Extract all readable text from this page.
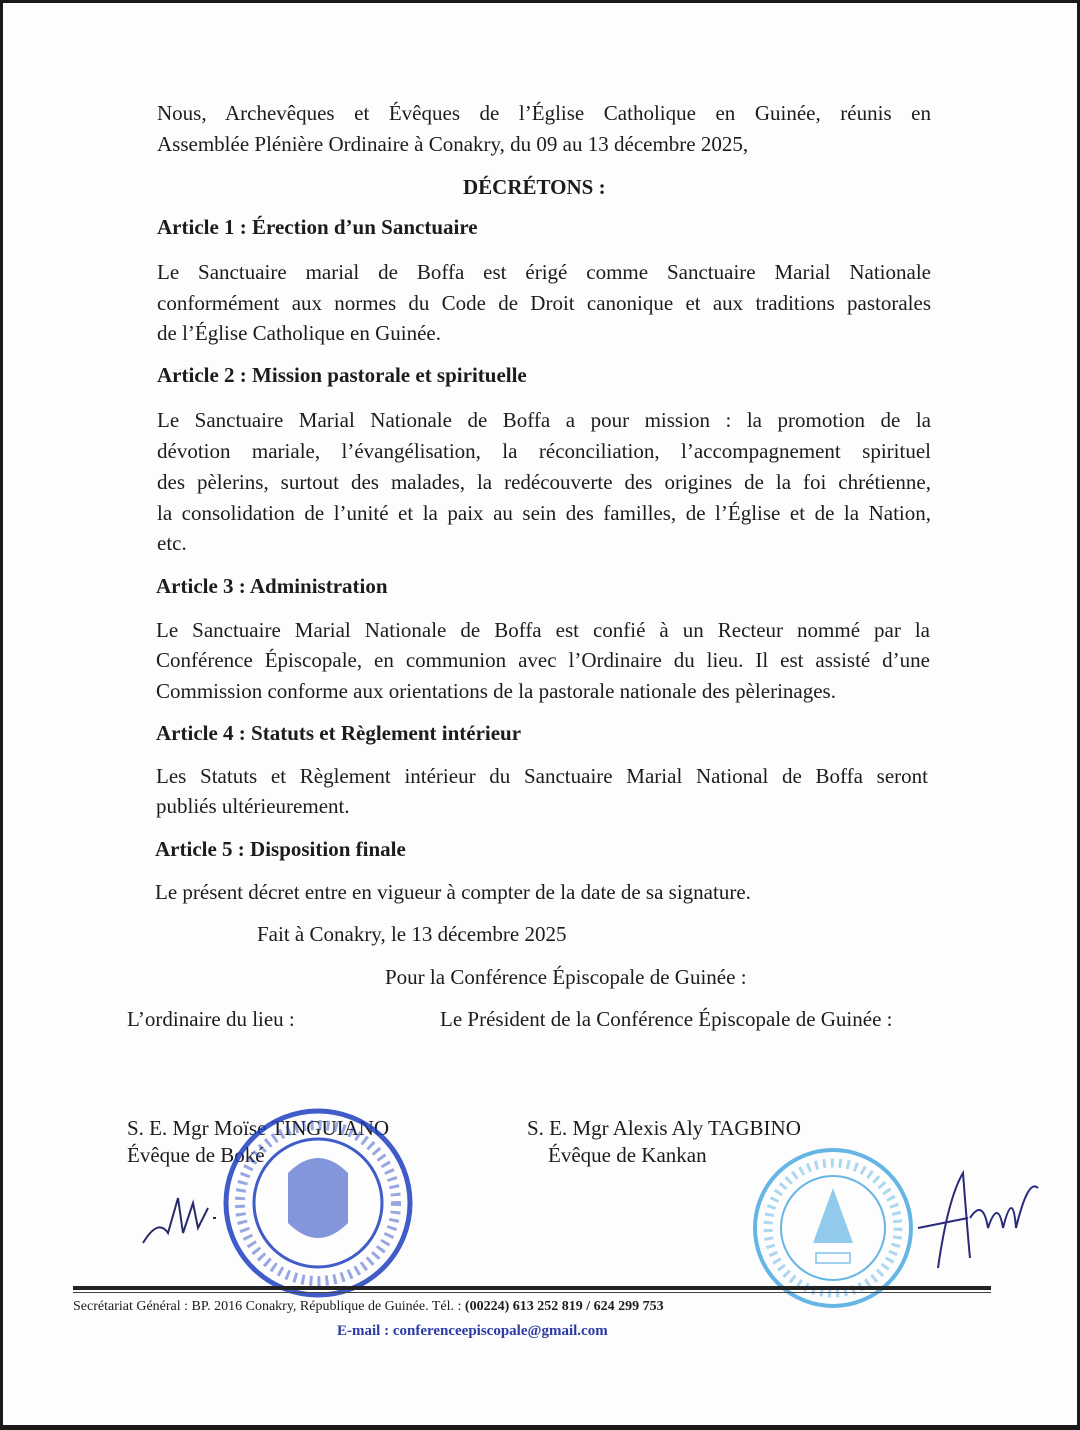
Nous, Archevêques et Évêques de l’Église Catholique en Guinée, réunis en
Assemblée Plénière Ordinaire à Conakry, du 09 au 13 décembre 2025,
DÉCRÉTONS :
Article 1 : Érection d’un Sanctuaire
Le Sanctuaire marial de Boffa est érigé comme Sanctuaire Marial Nationale
conformément aux normes du Code de Droit canonique et aux traditions pastorales
de l’Église Catholique en Guinée.
Article 2 : Mission pastorale et spirituelle
Le Sanctuaire Marial Nationale de Boffa a pour mission : la promotion de la
dévotion mariale, l’évangélisation, la réconciliation, l’accompagnement spirituel
des pèlerins, surtout des malades, la redécouverte des origines de la foi chrétienne,
la consolidation de l’unité et la paix au sein des familles, de l’Église et de la Nation,
etc.
Article 3 : Administration
Le Sanctuaire Marial Nationale de Boffa est confié à un Recteur nommé par la
Conférence Épiscopale, en communion avec l’Ordinaire du lieu. Il est assisté d’une
Commission conforme aux orientations de la pastorale nationale des pèlerinages.
Article 4 : Statuts et Règlement intérieur
Les Statuts et Règlement intérieur du Sanctuaire Marial National de Boffa seront
publiés ultérieurement.
Article 5 : Disposition finale
Le présent décret entre en vigueur à compter de la date de sa signature.
Fait à Conakry, le 13 décembre 2025
Pour la Conférence Épiscopale de Guinée :
L’ordinaire du lieu :	Le Président de la Conférence Épiscopale de Guinée :
S. E. Mgr Moïse TINGUIANO
Évêque de Boké
S. E. Mgr Alexis Aly TAGBINO
Évêque de Kankan
Secrétariat Général : BP. 2016 Conakry, République de Guinée. Tél. : (00224) 613 252 819 / 624 299 753
E-mail : conferenceepiscopale@gmail.com
